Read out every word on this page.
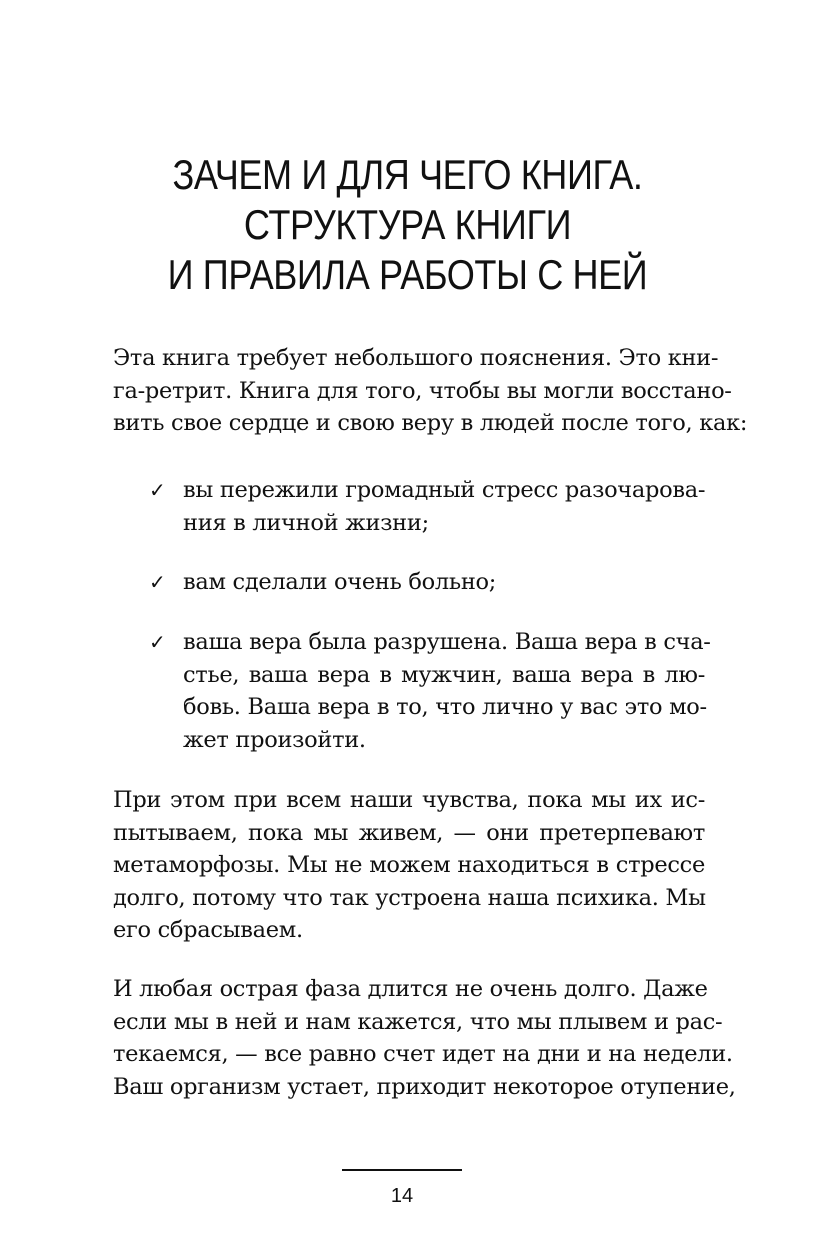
ЗАЧЕМ И ДЛЯ ЧЕГО КНИГА.
СТРУКТУРА КНИГИ
И ПРАВИЛА РАБОТЫ С НЕЙ
Эта книга требует небольшого пояснения. Это кни-
га-ретрит. Книга для того, чтобы вы могли восстано-
вить свое сердце и свою веру в людей после того, как:
✓ вы пережили громадный стресс разочарова-
ния в личной жизни;
✓ вам сделали очень больно;
✓ ваша вера была разрушена. Ваша вера в сча-
стье, ваша вера в мужчин, ваша вера в лю-
бовь. Ваша вера в то, что лично у вас это мо-
жет произойти.
При этом при всем наши чувства, пока мы их ис-
пытываем, пока мы живем, — они претерпевают
метаморфозы. Мы не можем находиться в стрессе
долго, потому что так устроена наша психика. Мы
его сбрасываем.
И любая острая фаза длится не очень долго. Даже
если мы в ней и нам кажется, что мы плывем и рас-
текаемся, — все равно счет идет на дни и на недели.
Ваш организм устает, приходит некоторое отупение,
14
